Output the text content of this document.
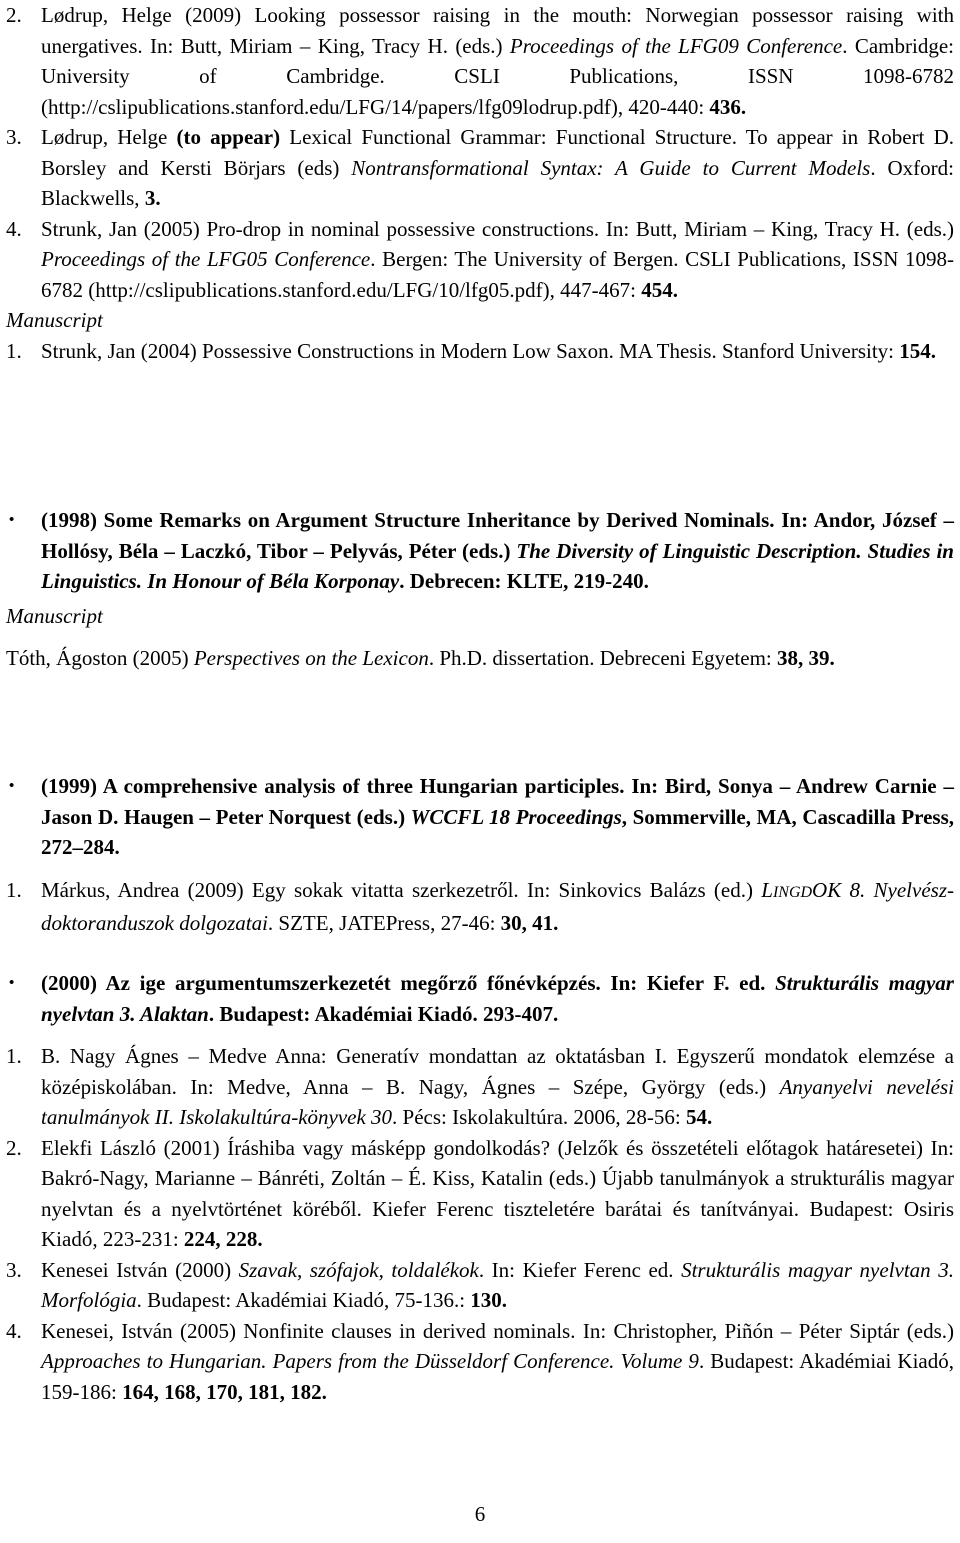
2. Lødrup, Helge (2009) Looking possessor raising in the mouth: Norwegian possessor raising with unergatives. In: Butt, Miriam – King, Tracy H. (eds.) Proceedings of the LFG09 Conference. Cambridge: University of Cambridge. CSLI Publications, ISSN 1098-6782 (http://cslipublications.stanford.edu/LFG/14/papers/lfg09lodrup.pdf), 420-440: 436.
3. Lødrup, Helge (to appear) Lexical Functional Grammar: Functional Structure. To appear in Robert D. Borsley and Kersti Börjars (eds) Nontransformational Syntax: A Guide to Current Models. Oxford: Blackwells, 3.
4. Strunk, Jan (2005) Pro-drop in nominal possessive constructions. In: Butt, Miriam – King, Tracy H. (eds.) Proceedings of the LFG05 Conference. Bergen: The University of Bergen. CSLI Publications, ISSN 1098-6782 (http://cslipublications.stanford.edu/LFG/10/lfg05.pdf), 447-467: 454.
Manuscript
1. Strunk, Jan (2004) Possessive Constructions in Modern Low Saxon. MA Thesis. Stanford University: 154.
• (1998) Some Remarks on Argument Structure Inheritance by Derived Nominals. In: Andor, József – Hollósy, Béla – Laczkó, Tibor – Pelyvás, Péter (eds.) The Diversity of Linguistic Description. Studies in Linguistics. In Honour of Béla Korponay. Debrecen: KLTE, 219-240.
Manuscript
Tóth, Ágoston (2005) Perspectives on the Lexicon. Ph.D. dissertation. Debreceni Egyetem: 38, 39.
• (1999) A comprehensive analysis of three Hungarian participles. In: Bird, Sonya – Andrew Carnie – Jason D. Haugen – Peter Norquest (eds.) WCCFL 18 Proceedings, Sommerville, MA, Cascadilla Press, 272–284.
1. Márkus, Andrea (2009) Egy sokak vitatta szerkezetről. In: Sinkovics Balázs (ed.) LINGDOK 8. Nyelvész-doktoranduszok dolgozatai. SZTE, JATEPress, 27-46: 30, 41.
• (2000) Az ige argumentumszerkezetét megőrző főnévképzés. In: Kiefer F. ed. Strukturális magyar nyelvtan 3. Alaktan. Budapest: Akadémiai Kiadó. 293-407.
1. B. Nagy Ágnes – Medve Anna: Generatív mondattan az oktatásban I. Egyszerű mondatok elemzése a középiskolában. In: Medve, Anna – B. Nagy, Ágnes – Szépe, György (eds.) Anyanyelvi nevelési tanulmányok II. Iskolakultúra-könyvek 30. Pécs: Iskolakultúra. 2006, 28-56: 54.
2. Elekfi László (2001) Íráshiba vagy másképp gondolkodás? (Jelzők és összetételi előtagok határesetei) In: Bakró-Nagy, Marianne – Bánréti, Zoltán – É. Kiss, Katalin (eds.) Újabb tanulmányok a strukturális magyar nyelvtan és a nyelvtörténet köréből. Kiefer Ferenc tiszteletére barátai és tanítványai. Budapest: Osiris Kiadó, 223-231: 224, 228.
3. Kenesei István (2000) Szavak, szófajok, toldalékok. In: Kiefer Ferenc ed. Strukturális magyar nyelvtan 3. Morfológia. Budapest: Akadémiai Kiadó, 75-136.: 130.
4. Kenesei, István (2005) Nonfinite clauses in derived nominals. In: Christopher, Piñón – Péter Siptár (eds.) Approaches to Hungarian. Papers from the Düsseldorf Conference. Volume 9. Budapest: Akadémiai Kiadó, 159-186: 164, 168, 170, 181, 182.
6
